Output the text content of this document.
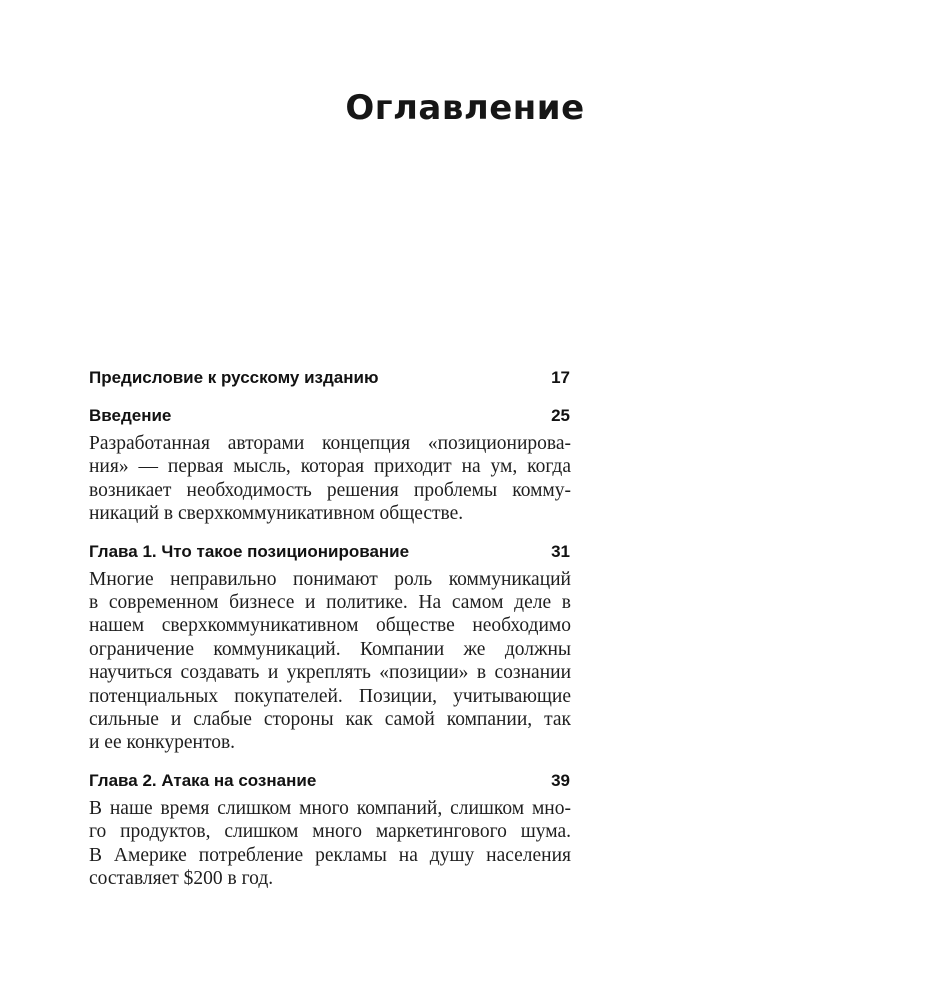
Оглавление
Предисловие к русскому изданию	17
Введение	25

Разработанная авторами концепция «позиционирова-
ния» — первая мысль, которая приходит на ум, когда
возникает необходимость решения проблемы комму-
никаций в сверхкоммуникативном обществе.

Глава 1. Что такое позиционирование	31

Многие неправильно понимают роль коммуникаций
в современном бизнесе и политике. На самом деле в
нашем сверхкоммуникативном обществе необходимо
ограничение коммуникаций. Компании же должны
научиться создавать и укреплять «позиции» в сознании
потенциальных покупателей. Позиции, учитывающие
сильные и слабые стороны как самой компании, так
и ее конкурентов.

Глава 2. Атака на сознание	39

В наше время слишком много компаний, слишком мно-
го продуктов, слишком много маркетингового шума.
В Америке потребление рекламы на душу населения
составляет $200 в год.
